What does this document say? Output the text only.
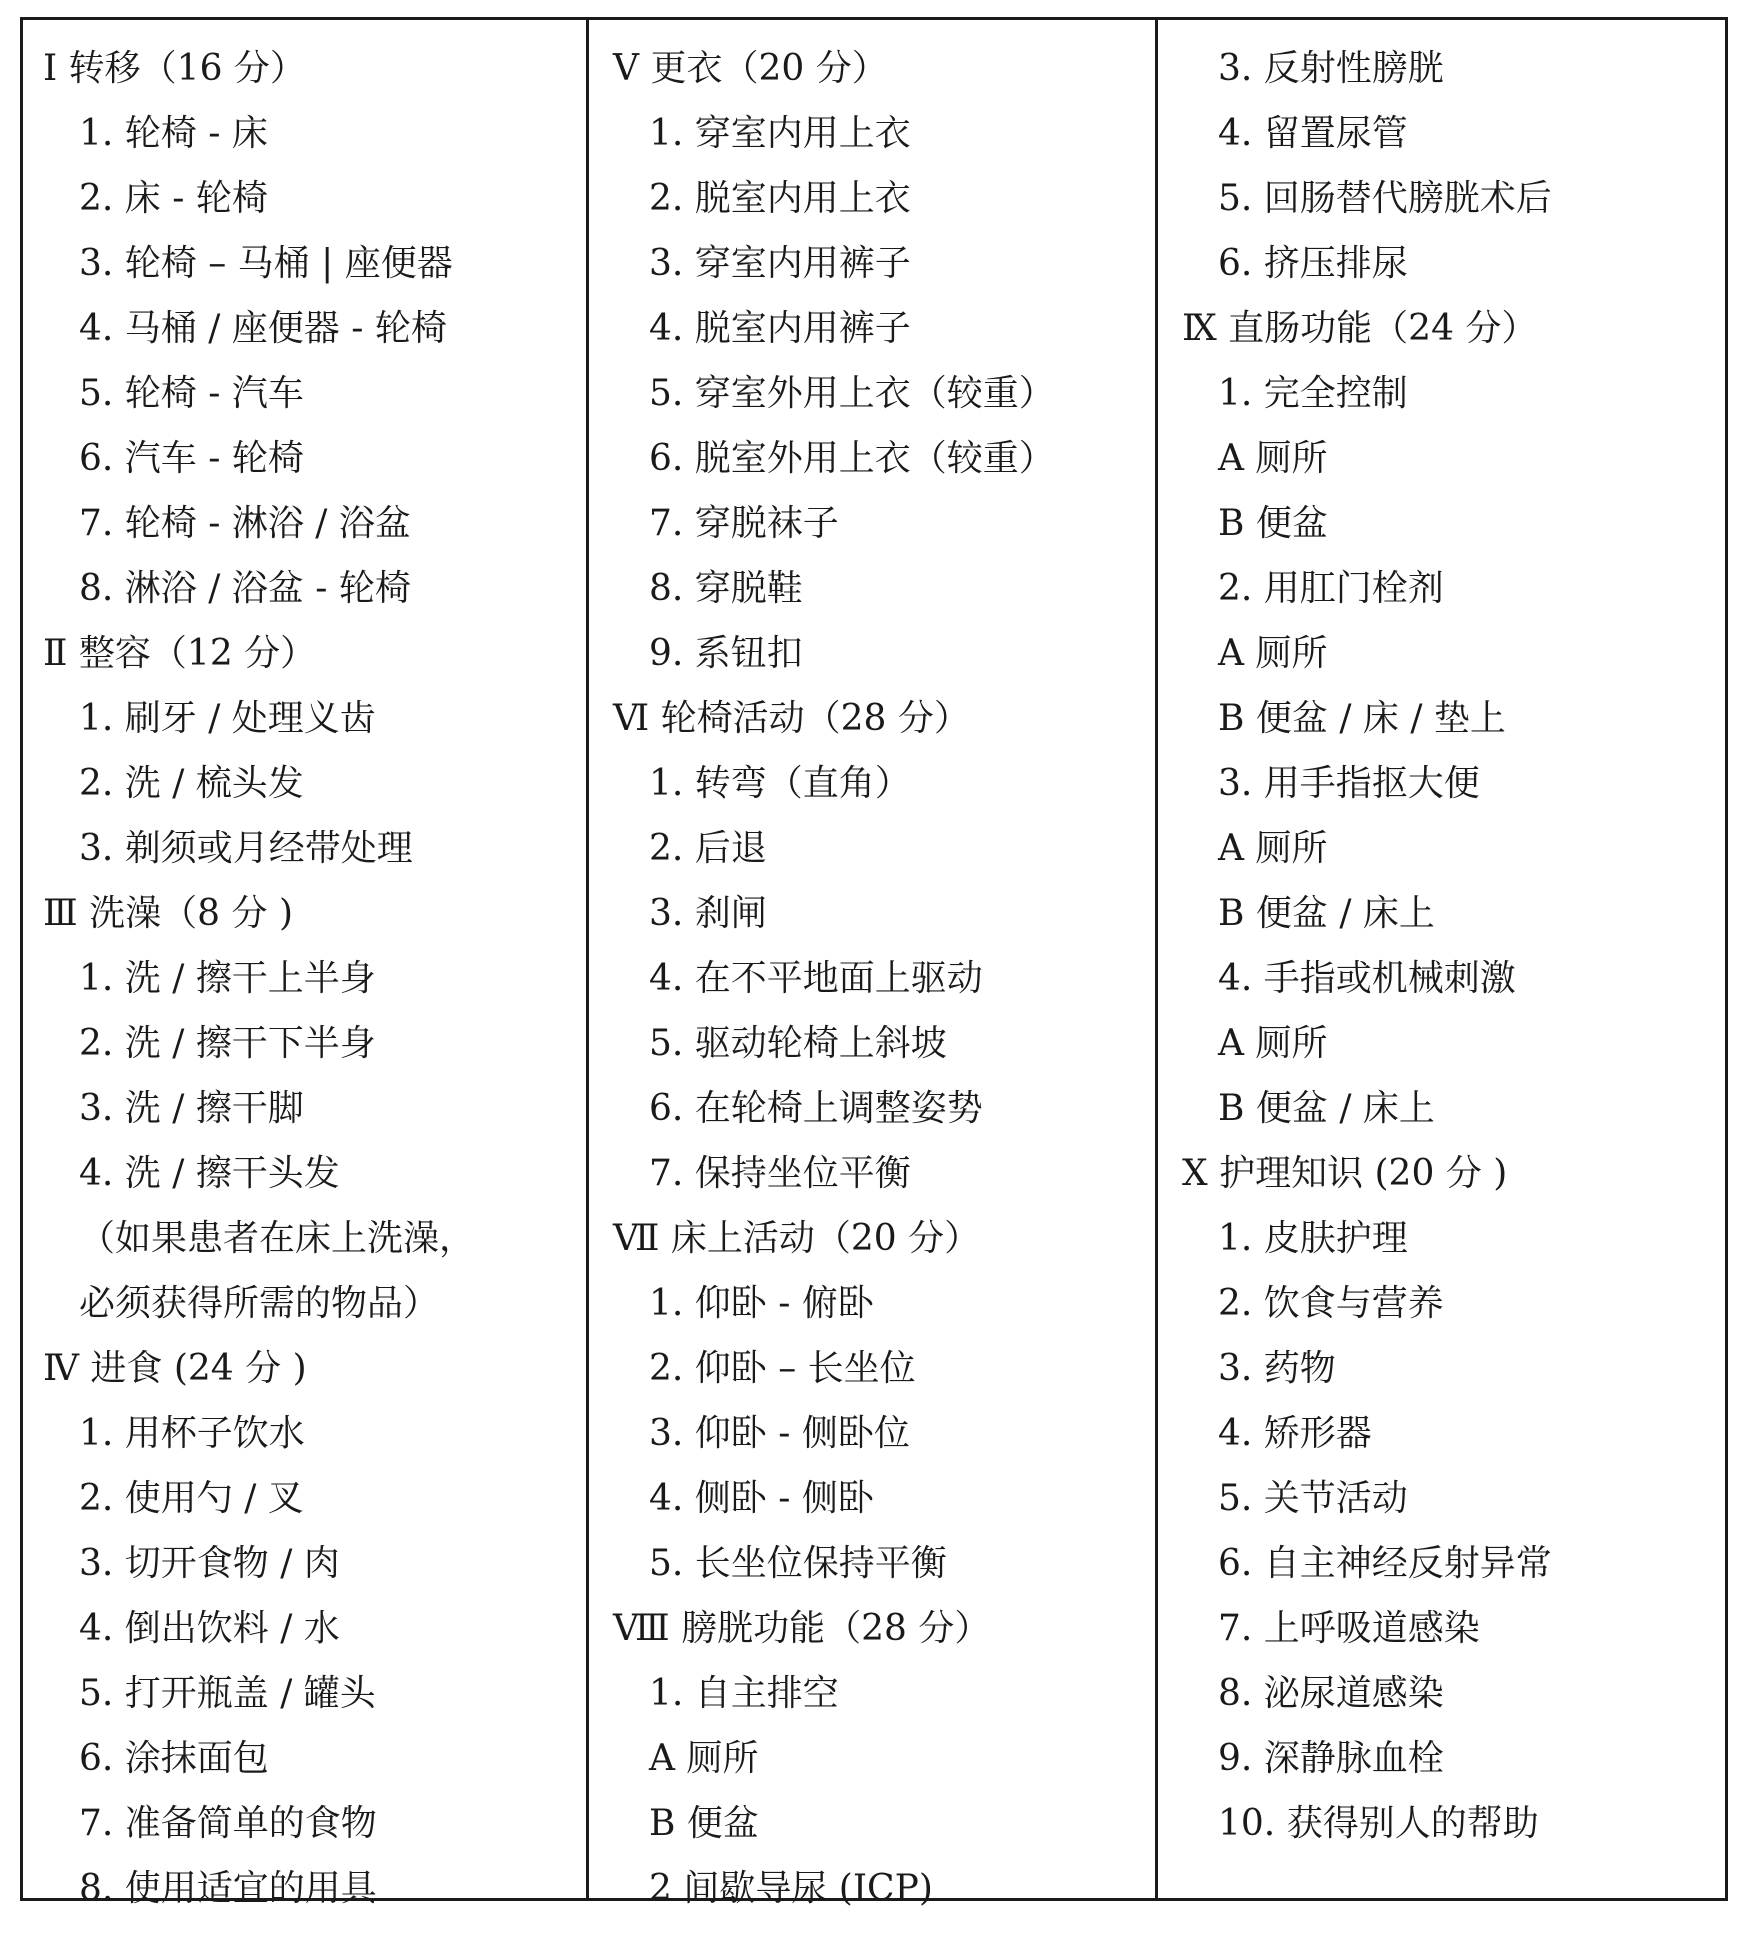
I 转移（16 分）
1. 轮椅 - 床
2. 床 - 轮椅
3. 轮椅 – 马桶 | 座便器
4. 马桶 / 座便器 - 轮椅
5. 轮椅 - 汽车
6. 汽车 - 轮椅
7. 轮椅 - 淋浴 / 浴盆
8. 淋浴 / 浴盆 - 轮椅
Ⅱ 整容（12 分）
1. 刷牙 / 处理义齿
2. 洗 / 梳头发
3. 剃须或月经带处理
Ⅲ 洗澡（8 分 )
1. 洗 / 擦干上半身
2. 洗 / 擦干下半身
3. 洗 / 擦干脚
4. 洗 / 擦干头发
（如果患者在床上洗澡，
必须获得所需的物品）
Ⅳ 进食 (24 分 )
1. 用杯子饮水
2. 使用勺 / 叉
3. 切开食物 / 肉
4. 倒出饮料 / 水
5. 打开瓶盖 / 罐头
6. 涂抹面包
7. 准备简单的食物
8. 使用适宜的用具
Ⅴ 更衣（20 分）
1. 穿室内用上衣
2. 脱室内用上衣
3. 穿室内用裤子
4. 脱室内用裤子
5. 穿室外用上衣（较重）
6. 脱室外用上衣（较重）
7. 穿脱袜子
8. 穿脱鞋
9. 系钮扣
Ⅵ 轮椅活动（28 分）
1. 转弯（直角）
2. 后退
3. 刹闸
4. 在不平地面上驱动
5. 驱动轮椅上斜坡
6. 在轮椅上调整姿势
7. 保持坐位平衡
Ⅶ 床上活动（20 分）
1. 仰卧 - 俯卧
2. 仰卧 – 长坐位
3. 仰卧 - 侧卧位
4. 侧卧 - 侧卧
5. 长坐位保持平衡
Ⅷ 膀胱功能（28 分）
1. 自主排空
A 厕所
B 便盆
2 间歇导尿 (ICP)
3. 反射性膀胱
4. 留置尿管
5. 回肠替代膀胱术后
6. 挤压排尿
Ⅸ 直肠功能（24 分）
1. 完全控制
A 厕所
B 便盆
2. 用肛门栓剂
A 厕所
B 便盆 / 床 / 垫上
3. 用手指抠大便
A 厕所
B 便盆 / 床上
4. 手指或机械刺激
A 厕所
B 便盆 / 床上
Ⅹ 护理知识 (20 分 )
1. 皮肤护理
2. 饮食与营养
3. 药物
4. 矫形器
5. 关节活动
6. 自主神经反射异常
7. 上呼吸道感染
8. 泌尿道感染
9. 深静脉血栓
10. 获得别人的帮助
